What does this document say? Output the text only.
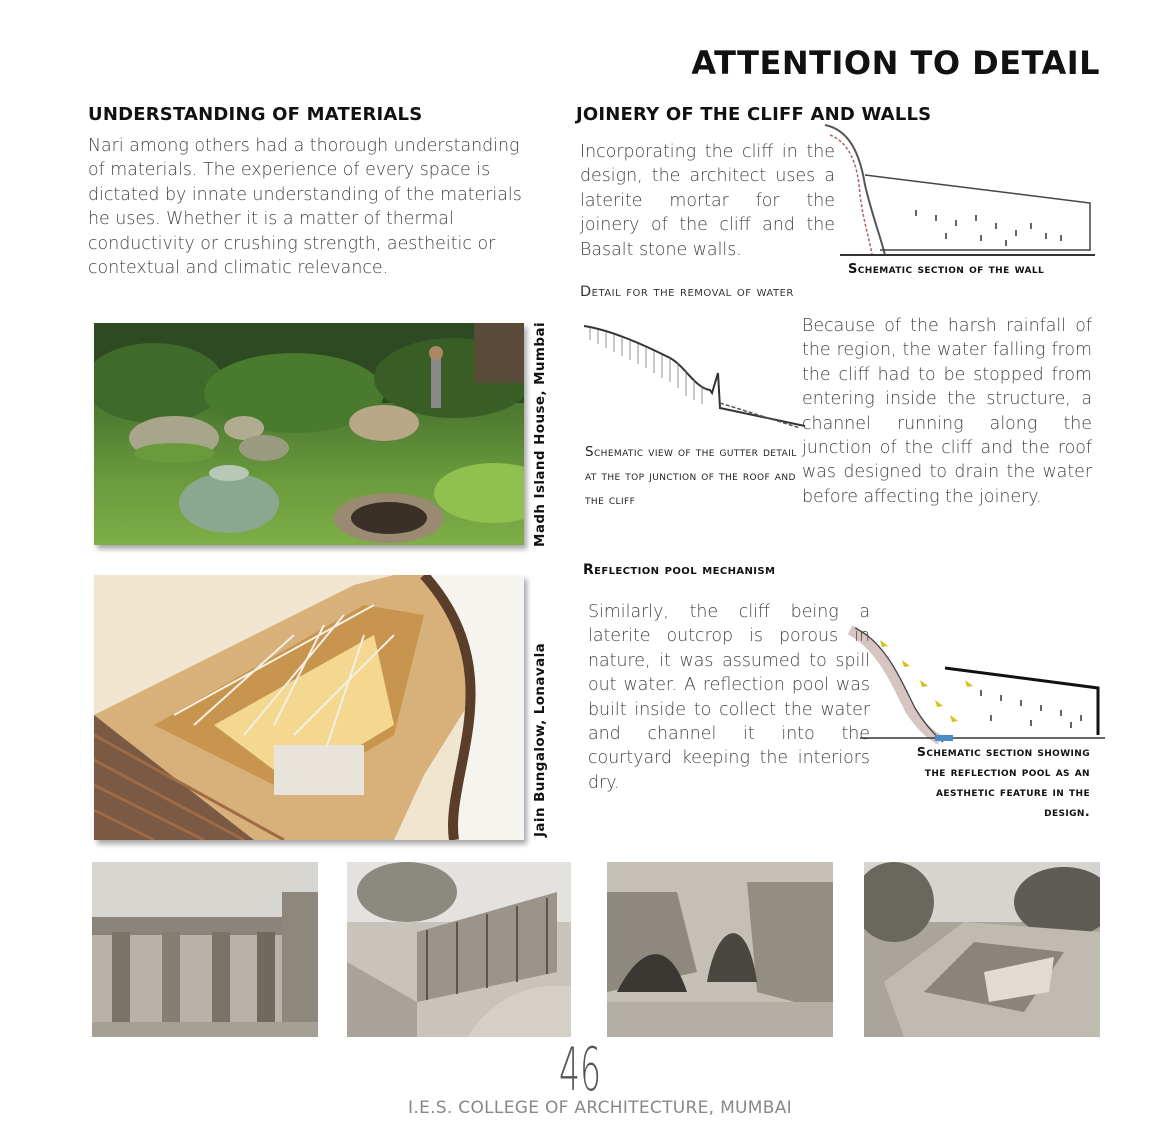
ATTENTION TO DETAIL
UNDERSTANDING OF MATERIALS
Nari among others had a thorough understanding of materials. The experience of every space is dictated by innate understanding of the materials he uses. Whether it is a matter of thermal conductivity or crushing strength, aestheitic or contextual and climatic relevance.
JOINERY OF THE CLIFF AND WALLS
Incorporating the cliff in the design, the architect uses a laterite mortar for the joinery of the cliff and the Basalt stone walls.
Schematic section of the wall
Detail for the removal of water
Schematic view of the gutter detail at the top junction of the roof and the cliff
Because of the harsh rainfall of the region, the water falling from the cliff had to be stopped from entering inside the structure, a channel running along the junction of the cliff and the roof was designed to drain the water before affecting the joinery.
Reflection pool mechanism
Similarly, the cliff being a laterite outcrop is porous in nature, it was assumed to spill out water. A reflection pool was built inside to collect the water and channel it into the courtyard keeping the interiors dry.
Schematic section showing the reflection pool as an aesthetic feature in the design.
Madh Island House, Mumbai
Jain Bungalow, Lonavala
46
I.E.S. COLLEGE OF ARCHITECTURE, MUMBAI
